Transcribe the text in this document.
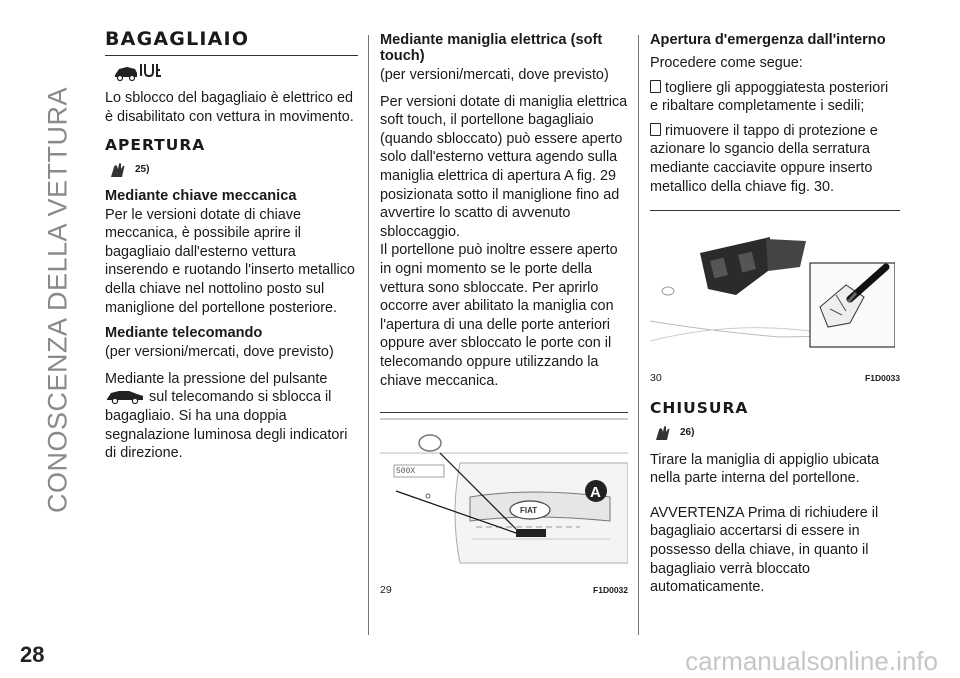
CONOSCENZA DELLA VETTURA
28	carmanualsonline.info
BAGAGLIAIO

Lo sblocco del bagagliaio è elettrico ed è disabilitato con vettura in movimento.

APERTURA
25)
Mediante chiave meccanica

Per le versioni dotate di chiave meccanica, è possibile aprire il bagagliaio dall'esterno vettura inserendo e ruotando l'inserto metallico della chiave nel nottolino posto sul maniglione del portellone posteriore.

Mediante telecomando

(per versioni/mercati, dove previsto)

Mediante la pressione del pulsante
sul telecomando si sblocca il bagagliaio. Si ha una doppia segnalazione luminosa degli indicatori di direzione.

Mediante maniglia elettrica (soft touch)

(per versioni/mercati, dove previsto)

Per versioni dotate di maniglia elettrica soft touch, il portellone bagagliaio (quando sbloccato) può essere aperto solo dall'esterno vettura agendo sulla maniglia elettrica di apertura A fig. 29 posizionata sotto il maniglione fino ad avvertire lo scatto di avvenuto sbloccaggio.

Il portellone può inoltre essere aperto in ogni momento se le porte della vettura sono sbloccate. Per aprirlo occorre aver abilitato la maniglia con l'apertura di una delle porte anteriori oppure aver sbloccato le porte con il telecomando oppure utilizzando la chiave meccanica.

500X
FIAT
A
29	F1D0032
Apertura d'emergenza dall'interno

Procedere come segue:

togliere gli appoggiatesta posteriori e ribaltare completamente i sedili;

rimuovere il tappo di protezione e azionare lo sgancio della serratura mediante cacciavite oppure inserto metallico della chiave fig. 30.

30	F1D0033
CHIUSURA
26)

Tirare la maniglia di appiglio ubicata nella parte interna del portellone.

AVVERTENZA Prima di richiudere il bagagliaio accertarsi di essere in possesso della chiave, in quanto il bagagliaio verrà bloccato automaticamente.
